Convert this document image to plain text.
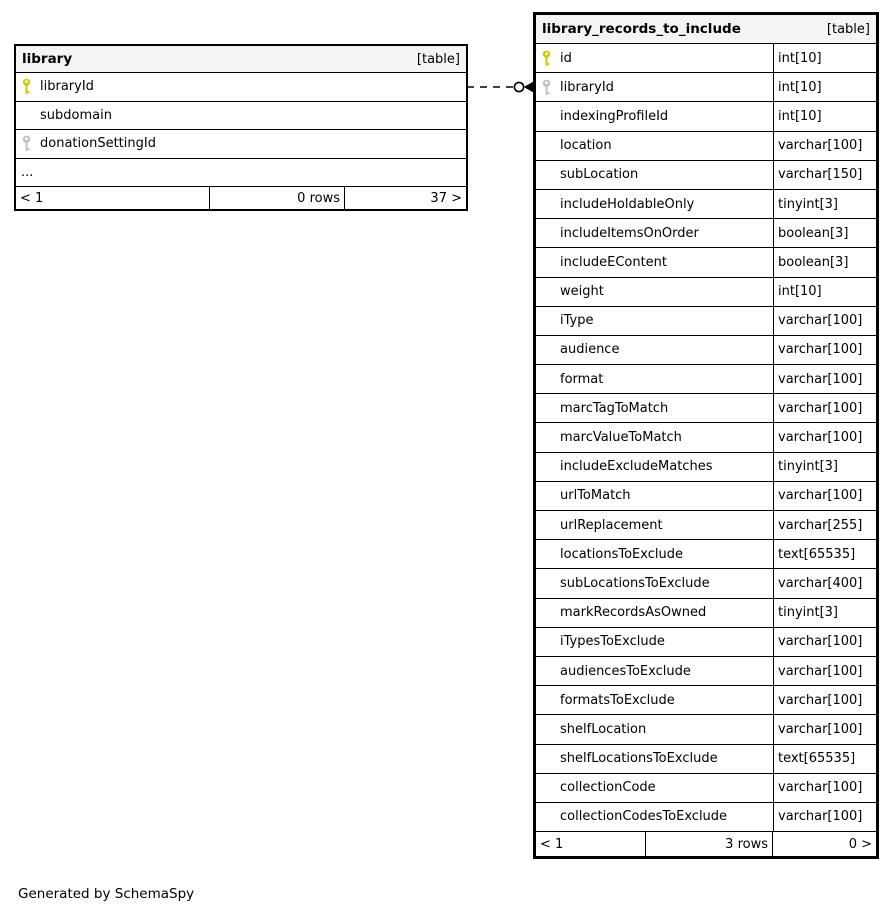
library	[table]
libraryId
subdomain
donationSettingId
...
< 1	0 rows	37 >
library_records_to_include	[table]
id	int[10]
libraryId	int[10]
indexingProfileId	int[10]
location	varchar[100]
subLocation	varchar[150]
includeHoldableOnly	tinyint[3]
includeItemsOnOrder	boolean[3]
includeEContent	boolean[3]
weight	int[10]
iType	varchar[100]
audience	varchar[100]
format	varchar[100]
marcTagToMatch	varchar[100]
marcValueToMatch	varchar[100]
includeExcludeMatches	tinyint[3]
urlToMatch	varchar[100]
urlReplacement	varchar[255]
locationsToExclude	text[65535]
subLocationsToExclude	varchar[400]
markRecordsAsOwned	tinyint[3]
iTypesToExclude	varchar[100]
audiencesToExclude	varchar[100]
formatsToExclude	varchar[100]
shelfLocation	varchar[100]
shelfLocationsToExclude	text[65535]
collectionCode	varchar[100]
collectionCodesToExclude	varchar[100]
< 1	3 rows	0 >
Generated by SchemaSpy
